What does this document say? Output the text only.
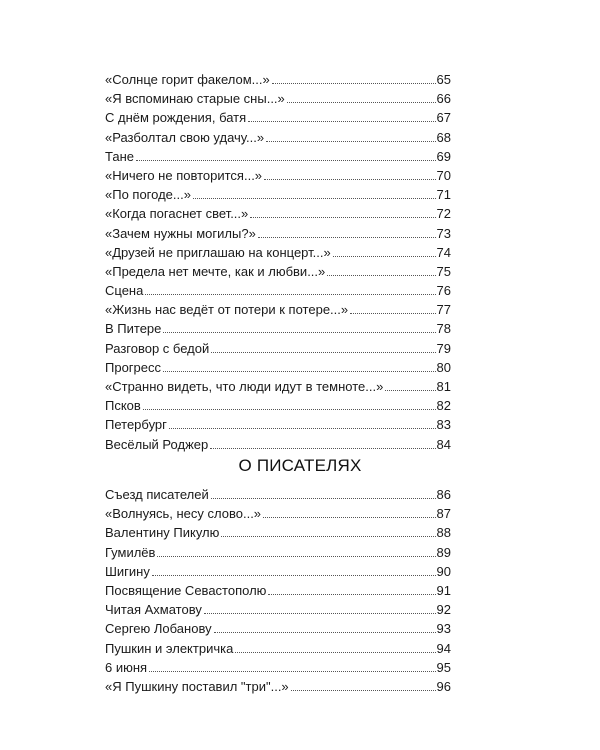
«Солнце горит факелом...»	65
«Я вспоминаю старые сны...»	66
С днём рождения, батя	67
«Разболтал свою удачу...»	68
Тане	69
«Ничего не повторится...»	70
«По погоде...»	71
«Когда погаснет свет...»	72
«Зачем нужны могилы?»	73
«Друзей не приглашаю на концерт...»	74
«Предела нет мечте, как и любви...»	75
Сцена	76
«Жизнь нас ведёт от потери к потере...»	77
В Питере	78
Разговор с бедой	79
Прогресс	80
«Странно видеть, что люди идут в темноте...»	81
Псков	82
Петербург	83
Весёлый Роджер	84
О ПИСАТЕЛЯХ
Съезд писателей	86
«Волнуясь, несу слово...»	87
Валентину Пикулю	88
Гумилёв	89
Шигину	90
Посвящение Севастополю	91
Читая Ахматову	92
Сергею Лобанову	93
Пушкин и электричка	94
6 июня	95
«Я Пушкину поставил "три"...»	96
